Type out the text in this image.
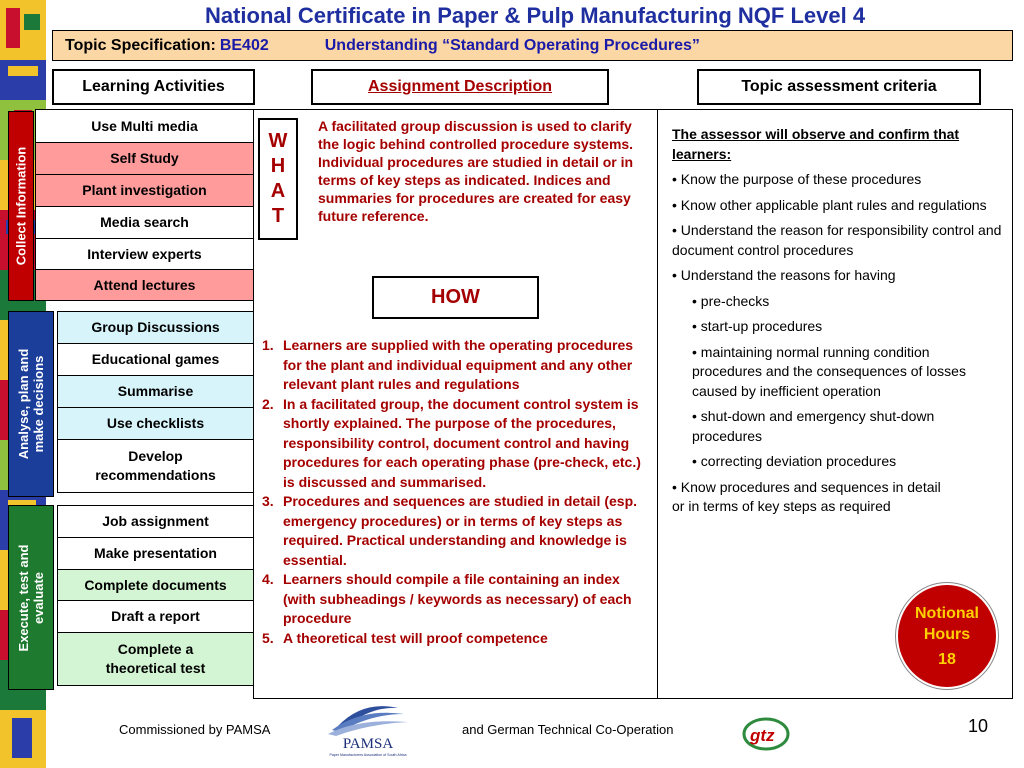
National Certificate in Paper & Pulp Manufacturing NQF Level 4
Topic Specification: BE402	Understanding “Standard Operating Procedures”
Learning Activities	Assignment Description	Topic assessment criteria
Collect Information
Analyse, plan and make decisions
Execute, test and evaluate
Use Multi media
Self Study
Plant investigation
Media search
Interview experts
Attend lectures
Group Discussions
Educational games
Summarise
Use checklists
Develop recommendations
Job assignment
Make presentation
Complete documents
Draft a report
Complete a theoretical test
W
H
A
T
A facilitated group discussion is used to clarify the logic behind controlled procedure systems. Individual procedures are studied in detail or in terms of key steps as indicated. Indices and summaries for procedures are created for easy future reference.
HOW
1. Learners are supplied with the operating procedures for the plant and individual equipment and any other relevant plant rules and regulations
2. In a facilitated group, the document control system is shortly explained. The purpose of the procedures, responsibility control, document control and having procedures for each operating phase (pre-check, etc.) is discussed and summarised.
3. Procedures and sequences are studied in detail (esp. emergency procedures) or in terms of key steps as required. Practical understanding and knowledge is essential.
4. Learners should compile a file containing an index (with subheadings / keywords as necessary) of each procedure
5. A theoretical test will proof competence
The assessor will observe and confirm that learners:
• Know the purpose of these procedures
• Know other applicable plant rules and regulations
• Understand the reason for responsibility control and document control procedures
• Understand the reasons for having
• pre-checks
• start-up procedures
• maintaining normal running condition procedures and the consequences of losses caused by inefficient operation
• shut-down and emergency shut-down procedures
• correcting deviation procedures
• Know procedures and sequences in detail or in terms of key steps as required
Notional
Hours
18
Commissioned by PAMSA
PAMSA
Paper Manufacturers Association of South Africa
and German Technical Co-Operation	gtz	10
